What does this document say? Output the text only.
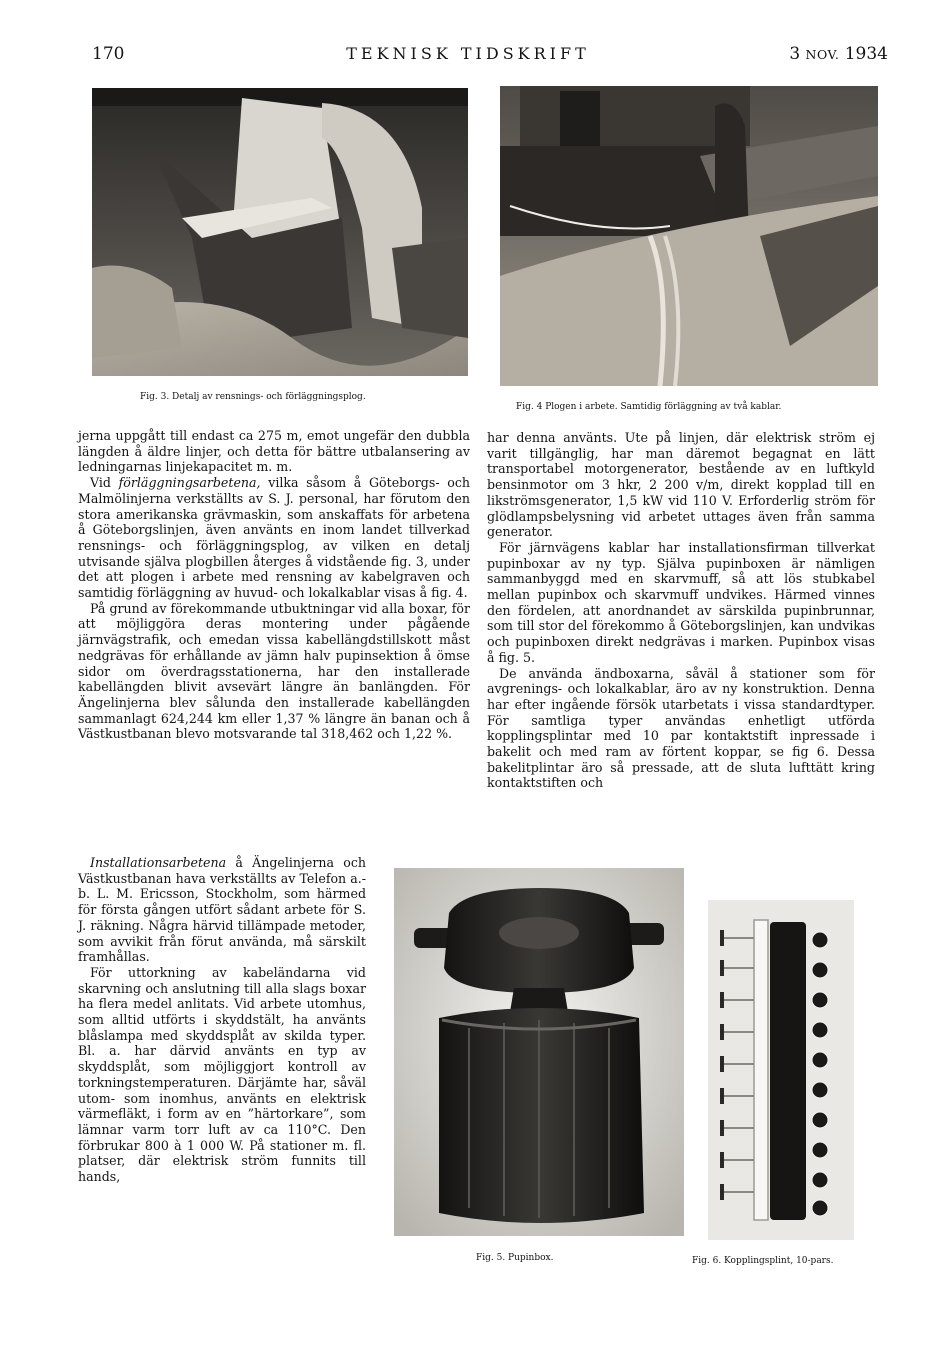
170	TEKNISK TIDSKRIFT	3 NOV. 1934
Fig. 3. Detalj av rensnings- och förläggningsplog.
Fig. 4 Plogen i arbete. Samtidig förläggning av två kablar.

jerna uppgått till endast ca 275 m, emot ungefär den dubbla längden å äldre linjer, och detta för bättre utbalansering av ledningarnas linjekapacitet m. m.

Vid förläggningsarbetena, vilka såsom å Göteborgs- och Malmölinjerna verkställts av S. J. personal, har förutom den stora amerikanska grävmaskin, som anskaffats för arbetena å Göteborgslinjen, även använts en inom landet tillverkad rensnings- och förläggningsplog, av vilken en detalj utvisande själva plogbillen återges å vidstående fig. 3, under det att plogen i arbete med rensning av kabelgraven och samtidig förläggning av huvud- och lokalkablar visas å fig. 4.

På grund av förekommande utbuktningar vid alla boxar, för att möjliggöra deras montering under pågående järnvägstrafik, och emedan vissa kabellängdstillskott måst nedgrävas för erhållande av jämn halv pupinsektion å ömse sidor om överdragsstationerna, har den installerade kabellängden blivit avsevärt längre än banlängden. För Ängelinjerna blev sålunda den installerade kabellängden sammanlagt 624,244 km eller 1,37 % längre än banan och å Västkustbanan blevo motsvarande tal 318,462 och 1,22 %.

Installationsarbetena å Ängelinjerna och Västkustbanan hava verkställts av Telefon a.-b. L. M. Ericsson, Stockholm, som härmed för första gången utfört sådant arbete för S. J. räkning. Några härvid tillämpade metoder, som avvikit från förut använda, må särskilt framhållas.

För uttorkning av kabeländarna vid skarvning och anslutning till alla slags boxar ha flera medel anlitats. Vid arbete utomhus, som alltid utförts i skyddstält, ha använts blåslampa med skyddsplåt av skilda typer. Bl. a. har därvid använts en typ av skyddsplåt, som möjliggjort kontroll av torkningstemperaturen. Därjämte har, såväl utom- som inomhus, använts en elektrisk värmefläkt, i form av en ”härtorkare”, som lämnar varm torr luft av ca 110°C. Den förbrukar 800 à 1 000 W. På stationer m. fl. platser, där elektrisk ström funnits till hands,

har denna använts. Ute på linjen, där elektrisk ström ej varit tillgänglig, har man däremot begagnat en lätt transportabel motorgenerator, bestående av en luftkyld bensinmotor om 3 hkr, 2 200 v/m, direkt kopplad till en likströmsgenerator, 1,5 kW vid 110 V. Erforderlig ström för glödlampsbelysning vid arbetet uttages även från samma generator.

För järnvägens kablar har installationsfirman tillverkat pupinboxar av ny typ. Själva pupinboxen är nämligen sammanbyggd med en skarvmuff, så att lös stubkabel mellan pupinbox och skarvmuff undvikes. Härmed vinnes den fördelen, att anordnandet av särskilda pupinbrunnar, som till stor del förekommo å Göteborgslinjen, kan undvikas och pupinboxen direkt nedgrävas i marken. Pupinbox visas å fig. 5.

De använda ändboxarna, såväl å stationer som för avgrenings- och lokalkablar, äro av ny konstruktion. Denna har efter ingående försök utarbetats i vissa standardtyper. För samtliga typer användas enhetligt utförda kopplingsplintar med 10 par kontaktstift inpressade i bakelit och med ram av förtent koppar, se fig 6. Dessa bakelitplintar äro så pressade, att de sluta lufttätt kring kontaktstiften och

Fig. 5. Pupinbox.	Fig. 6. Kopplingsplint, 10-pars.
